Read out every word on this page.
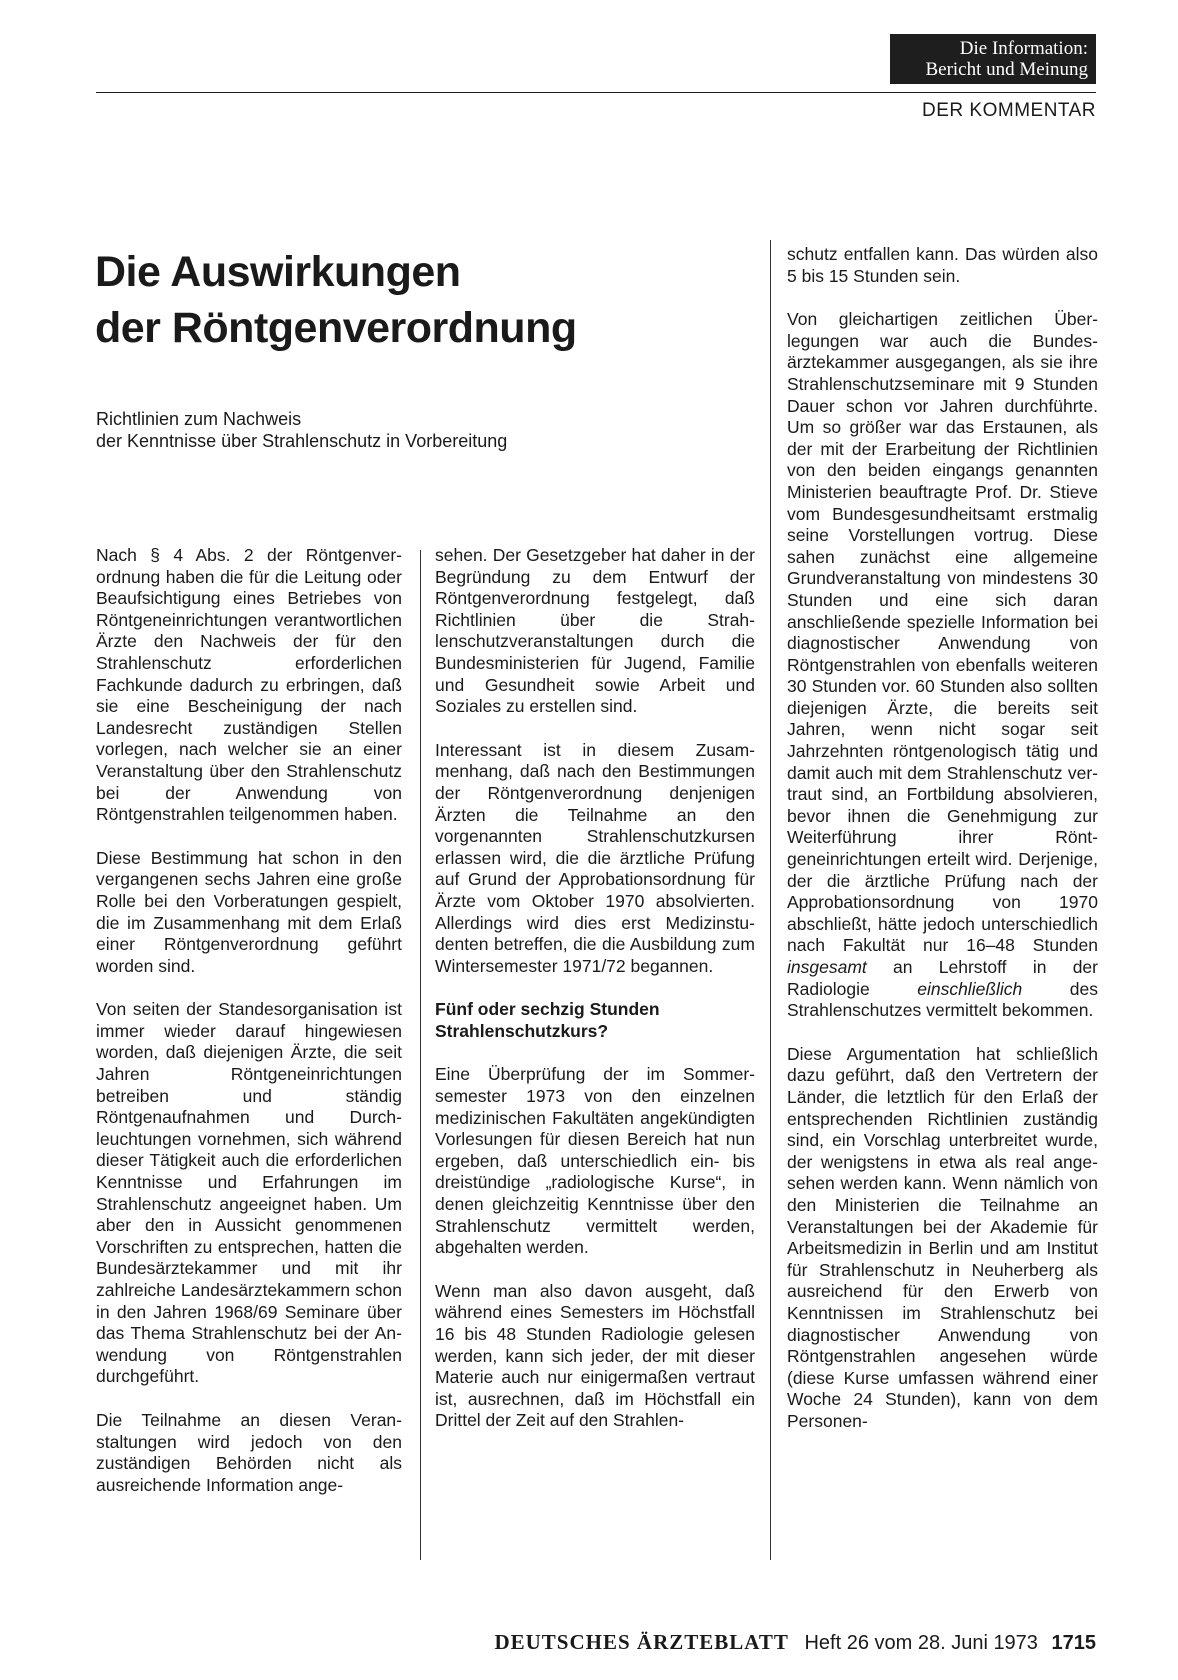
Die Information:
Bericht und Meinung
DER KOMMENTAR
Die Auswirkungen
der Röntgenverordnung
Richtlinien zum Nachweis
der Kenntnisse über Strahlenschutz in Vorbereitung

Nach § 4 Abs. 2 der Röntgenverordnung haben die für die Leitung oder Beaufsichtigung eines Betriebes von Röntgeneinrichtungen verantwortlichen Ärzte den Nachweis der für den Strahlenschutz erforderlichen Fachkunde dadurch zu erbringen, daß sie eine Bescheinigung der nach Landesrecht zuständigen Stellen vorlegen, nach welcher sie an einer Veranstaltung über den Strahlenschutz bei der Anwendung von Röntgenstrahlen teilgenommen haben.

Diese Bestimmung hat schon in den vergangenen sechs Jahren eine große Rolle bei den Vorberatungen gespielt, die im Zusammenhang mit dem Erlaß einer Röntgenverordnung geführt worden sind.

Von seiten der Standesorganisation ist immer wieder darauf hingewiesen worden, daß diejenigen Ärzte, die seit Jahren Röntgeneinrichtungen betreiben und ständig Röntgenaufnahmen und Durchleuchtungen vornehmen, sich während dieser Tätigkeit auch die erforderlichen Kenntnisse und Erfahrungen im Strahlenschutz angeeignet haben. Um aber den in Aussicht genommenen Vorschriften zu entsprechen, hatten die Bundesärztekammer und mit ihr zahlreiche Landesärztekammern schon in den Jahren 1968/69 Seminare über das Thema Strahlenschutz bei der Anwendung von Röntgenstrahlen durchgeführt.

Die Teilnahme an diesen Veranstaltungen wird jedoch von den zuständigen Behörden nicht als ausreichende Information ange-

sehen. Der Gesetzgeber hat daher in der Begründung zu dem Entwurf der Röntgenverordnung festgelegt, daß Richtlinien über die Strahlenschutzveranstaltungen durch die Bundesministerien für Jugend, Familie und Gesundheit sowie Arbeit und Soziales zu erstellen sind.

Interessant ist in diesem Zusammenhang, daß nach den Bestimmungen der Röntgenverordnung denjenigen Ärzten die Teilnahme an den vorgenannten Strahlenschutzkursen erlassen wird, die die ärztliche Prüfung auf Grund der Approbationsordnung für Ärzte vom Oktober 1970 absolvierten. Allerdings wird dies erst Medizinstudenten betreffen, die die Ausbildung zum Wintersemester 1971/72 begannen.

Fünf oder sechzig Stunden
Strahlenschutzkurs?

Eine Überprüfung der im Sommersemester 1973 von den einzelnen medizinischen Fakultäten angekündigten Vorlesungen für diesen Bereich hat nun ergeben, daß unterschiedlich ein- bis dreistündige „radiologische Kurse“, in denen gleichzeitig Kenntnisse über den Strahlenschutz vermittelt werden, abgehalten werden.

Wenn man also davon ausgeht, daß während eines Semesters im Höchstfall 16 bis 48 Stunden Radiologie gelesen werden, kann sich jeder, der mit dieser Materie auch nur einigermaßen vertraut ist, ausrechnen, daß im Höchstfall ein Drittel der Zeit auf den Strahlen-

schutz entfallen kann. Das würden also 5 bis 15 Stunden sein.

Von gleichartigen zeitlichen Überlegungen war auch die Bundesärztekammer ausgegangen, als sie ihre Strahlenschutzseminare mit 9 Stunden Dauer schon vor Jahren durchführte. Um so größer war das Erstaunen, als der mit der Erarbeitung der Richtlinien von den beiden eingangs genannten Ministerien beauftragte Prof. Dr. Stieve vom Bundesgesundheitsamt erstmalig seine Vorstellungen vortrug. Diese sahen zunächst eine allgemeine Grundveranstaltung von mindestens 30 Stunden und eine sich daran anschließende spezielle Information bei diagnostischer Anwendung von Röntgenstrahlen von ebenfalls weiteren 30 Stunden vor. 60 Stunden also sollten diejenigen Ärzte, die bereits seit Jahren, wenn nicht sogar seit Jahrzehnten röntgenologisch tätig und damit auch mit dem Strahlenschutz vertraut sind, an Fortbildung absolvieren, bevor ihnen die Genehmigung zur Weiterführung ihrer Röntgeneinrichtungen erteilt wird. Derjenige, der die ärztliche Prüfung nach der Approbationsordnung von 1970 abschließt, hätte jedoch unterschiedlich nach Fakultät nur 16–48 Stunden insgesamt an Lehrstoff in der Radiologie einschließlich des Strahlenschutzes vermittelt bekommen.

Diese Argumentation hat schließlich dazu geführt, daß den Vertretern der Länder, die letztlich für den Erlaß der entsprechenden Richtlinien zuständig sind, ein Vorschlag unterbreitet wurde, der wenigstens in etwa als real angesehen werden kann. Wenn nämlich von den Ministerien die Teilnahme an Veranstaltungen bei der Akademie für Arbeitsmedizin in Berlin und am Institut für Strahlenschutz in Neuherberg als ausreichend für den Erwerb von Kenntnissen im Strahlenschutz bei diagnostischer Anwendung von Röntgenstrahlen angesehen würde (diese Kurse umfassen während einer Woche 24 Stunden), kann von dem Personen-

DEUTSCHES ÄRZTEBLATT Heft 26 vom 28. Juni 1973 1715
